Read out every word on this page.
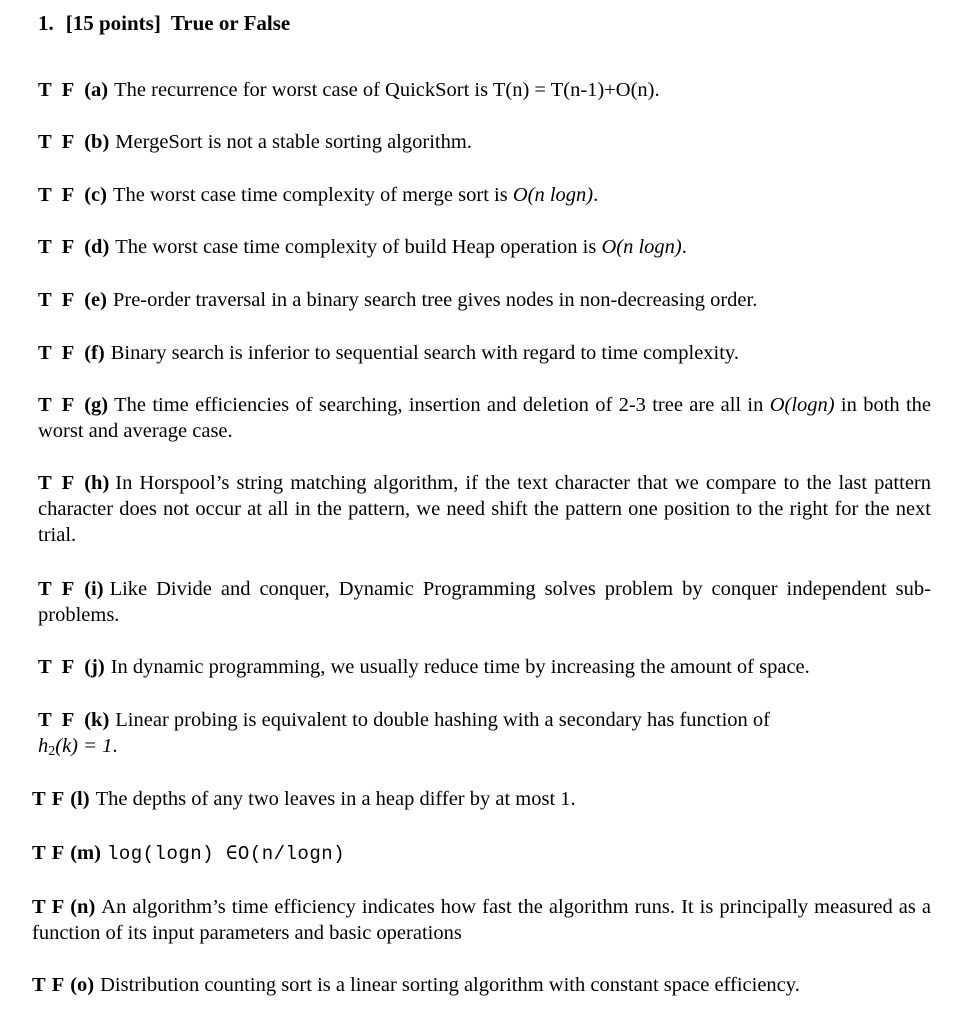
1. [15 points] True or False
T F (a) The recurrence for worst case of QuickSort is T(n) = T(n-1)+O(n).
T F (b) MergeSort is not a stable sorting algorithm.
T F (c) The worst case time complexity of merge sort is O(n logn).
T F (d) The worst case time complexity of build Heap operation is O(n logn).
T F (e) Pre-order traversal in a binary search tree gives nodes in non-decreasing order.
T F (f) Binary search is inferior to sequential search with regard to time complexity.
T F (g) The time efficiencies of searching, insertion and deletion of 2-3 tree are all in O(logn) in both the worst and average case.
T F (h) In Horspool’s string matching algorithm, if the text character that we compare to the last pattern character does not occur at all in the pattern, we need shift the pattern one position to the right for the next trial.
T F (i) Like Divide and conquer, Dynamic Programming solves problem by conquer independent sub-problems.
T F (j) In dynamic programming, we usually reduce time by increasing the amount of space.
T F (k) Linear probing is equivalent to double hashing with a secondary has function of
$h_2(k) = 1$.
T F (l) The depths of any two leaves in a heap differ by at most 1.
T F (m) log(logn) ∈O(n/logn)
T F (n) An algorithm’s time efficiency indicates how fast the algorithm runs. It is principally measured as a function of its input parameters and basic operations
T F (o) Distribution counting sort is a linear sorting algorithm with constant space efficiency.
